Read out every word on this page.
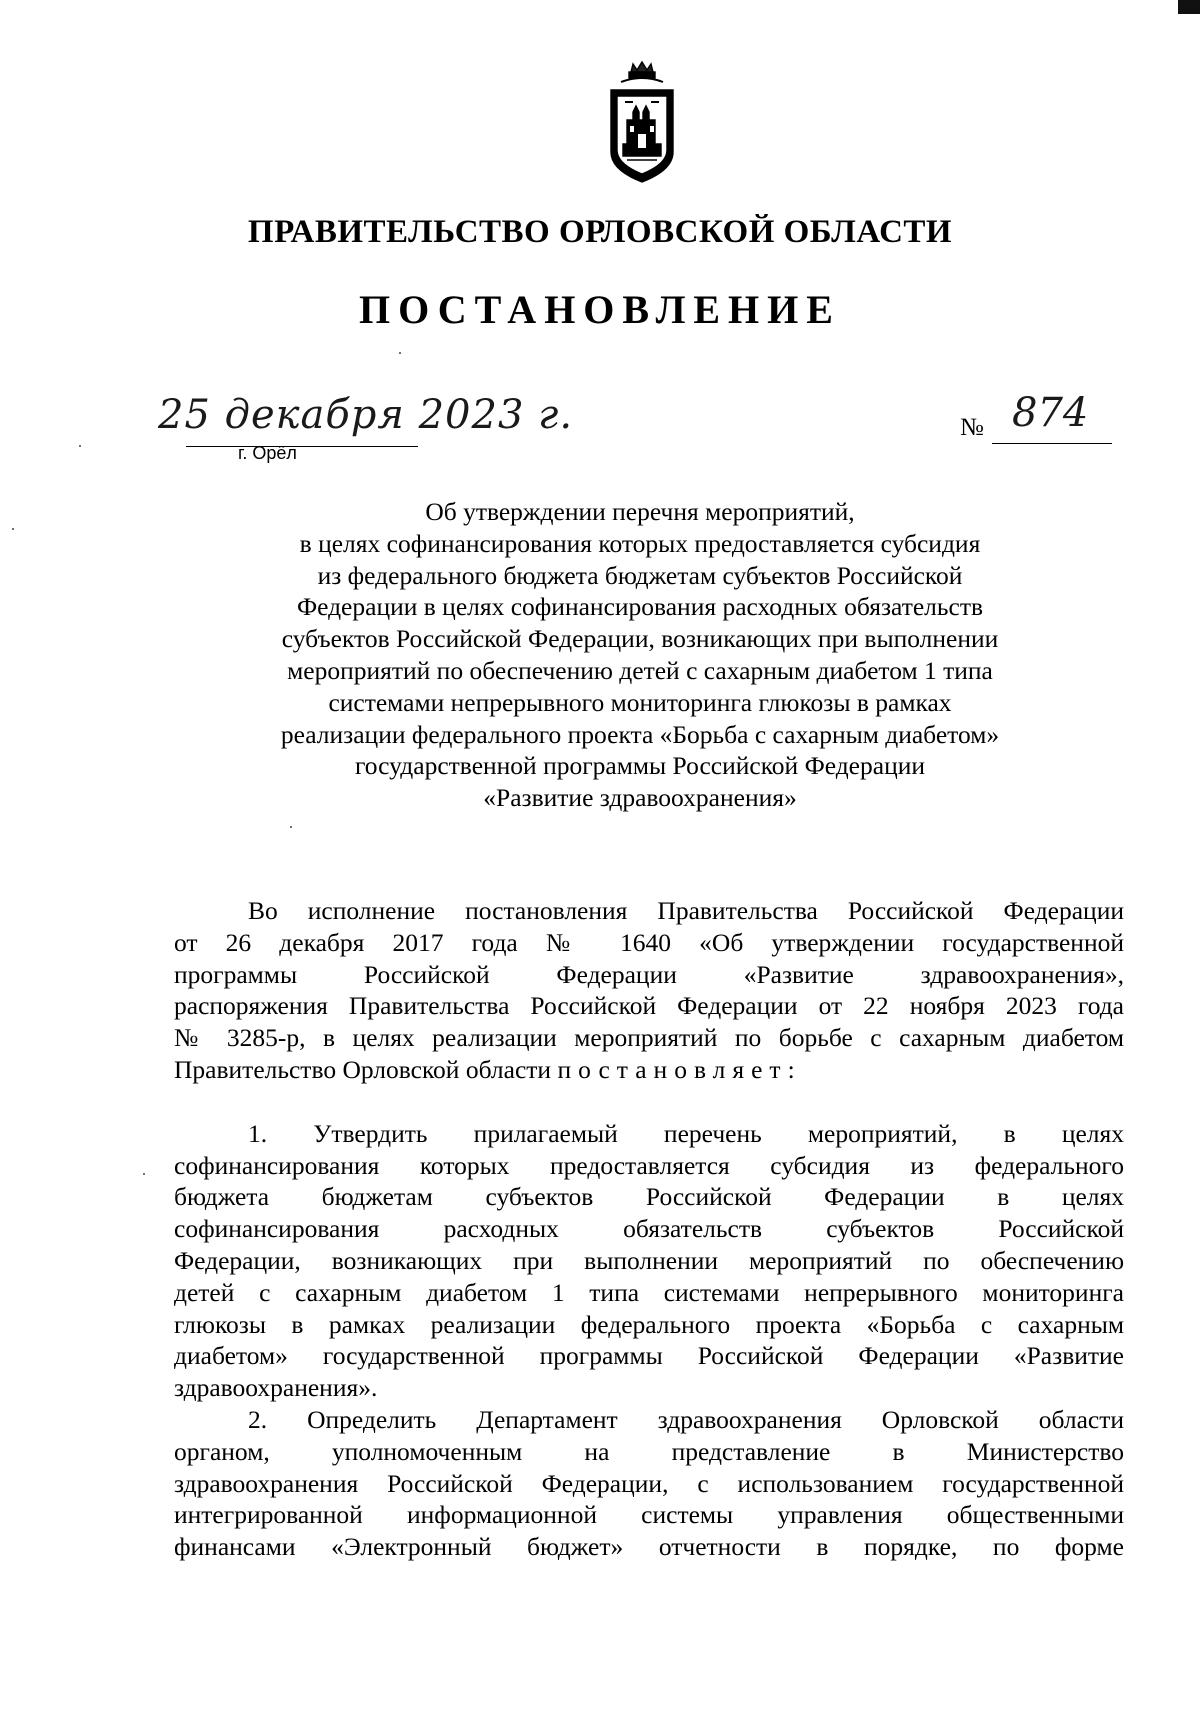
ПРАВИТЕЛЬСТВО ОРЛОВСКОЙ ОБЛАСТИ
ПОСТАНОВЛЕНИЕ
25 декабря 2023 г.
г. Орёл
№ 874
Об утверждении перечня мероприятий,
в целях софинансирования которых предоставляется субсидия
из федерального бюджета бюджетам субъектов Российской
Федерации в целях софинансирования расходных обязательств
субъектов Российской Федерации, возникающих при выполнении
мероприятий по обеспечению детей с сахарным диабетом 1 типа
системами непрерывного мониторинга глюкозы в рамках
реализации федерального проекта «Борьба с сахарным диабетом»
государственной программы Российской Федерации
«Развитие здравоохранения»
Во исполнение постановления Правительства Российской Федерации
от 26 декабря 2017 года № 1640 «Об утверждении государственной
программы Российской Федерации «Развитие здравоохранения»,
распоряжения Правительства Российской Федерации от 22 ноября 2023 года
№ 3285-р, в целях реализации мероприятий по борьбе с сахарным диабетом
Правительство Орловской области постановляет:
1. Утвердить прилагаемый перечень мероприятий, в целях
софинансирования которых предоставляется субсидия из федерального
бюджета бюджетам субъектов Российской Федерации в целях
софинансирования расходных обязательств субъектов Российской
Федерации, возникающих при выполнении мероприятий по обеспечению
детей с сахарным диабетом 1 типа системами непрерывного мониторинга
глюкозы в рамках реализации федерального проекта «Борьба с сахарным
диабетом» государственной программы Российской Федерации «Развитие
здравоохранения».
2. Определить Департамент здравоохранения Орловской области
органом, уполномоченным на представление в Министерство
здравоохранения Российской Федерации, с использованием государственной
интегрированной информационной системы управления общественными
финансами «Электронный бюджет» отчетности в порядке, по форме
